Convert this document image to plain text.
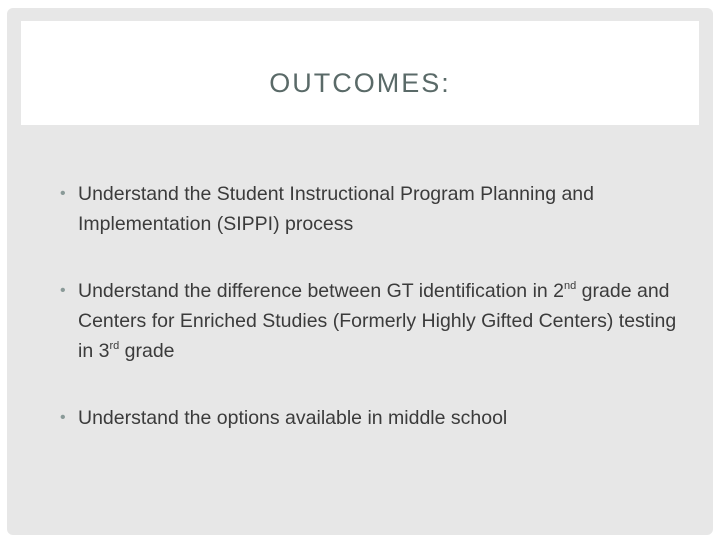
OUTCOMES:
• Understand the Student Instructional Program Planning and Implementation (SIPPI) process
• Understand the difference between GT identification in 2nd grade and Centers for Enriched Studies (Formerly Highly Gifted Centers) testing in 3rd grade
• Understand the options available in middle school
